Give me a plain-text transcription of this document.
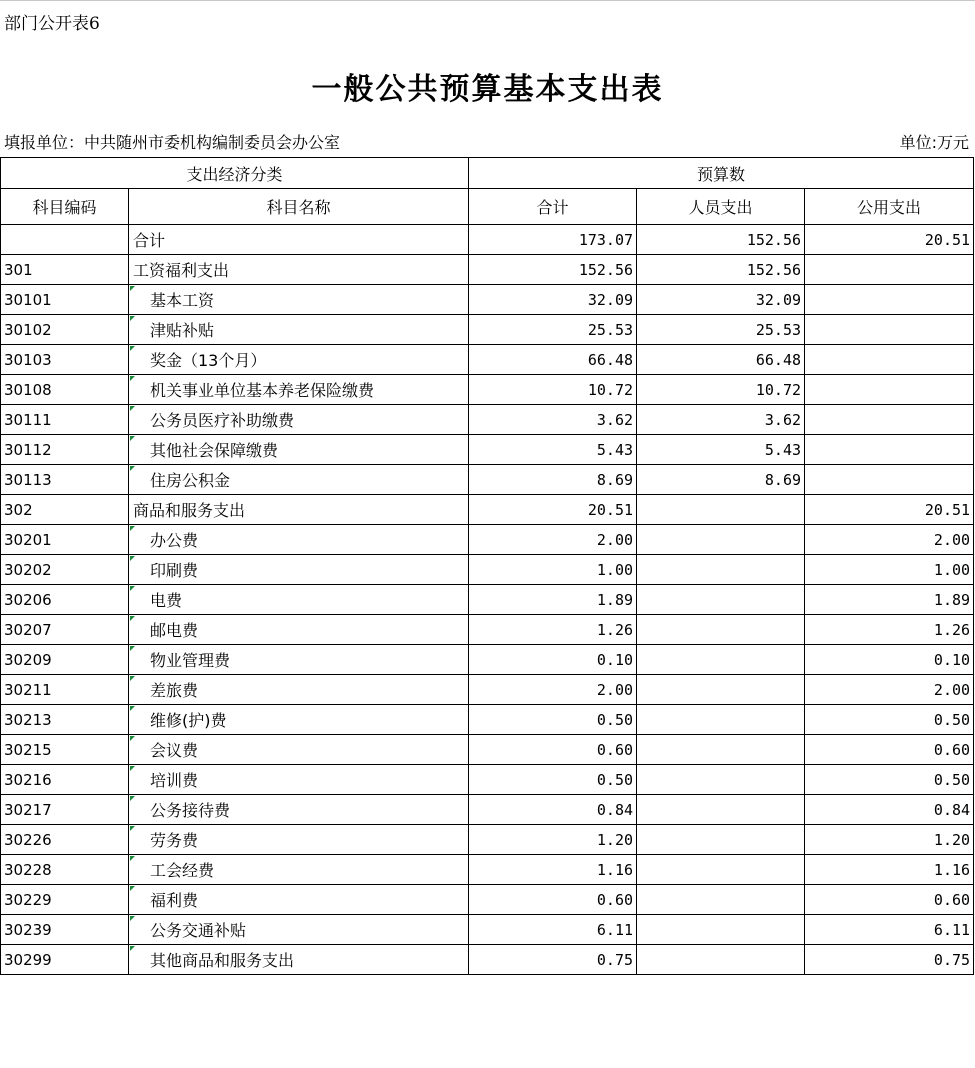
部门公开表6
一般公共预算基本支出表
填报单位：中共随州市委机构编制委员会办公室	单位:万元
支出经济分类		预算数		
科目编码	科目名称	合计	人员支出	公用支出
	合计	173.07	152.56	20.51
301	工资福利支出	152.56	152.56	
30101	基本工资	32.09	32.09	
30102	津贴补贴	25.53	25.53	
30103	奖金（13个月）	66.48	66.48	
30108	机关事业单位基本养老保险缴费	10.72	10.72	
30111	公务员医疗补助缴费	3.62	3.62	
30112	其他社会保障缴费	5.43	5.43	
30113	住房公积金	8.69	8.69	
302	商品和服务支出	20.51		20.51
30201	办公费	2.00		2.00
30202	印刷费	1.00		1.00
30206	电费	1.89		1.89
30207	邮电费	1.26		1.26
30209	物业管理费	0.10		0.10
30211	差旅费	2.00		2.00
30213	维修(护)费	0.50		0.50
30215	会议费	0.60		0.60
30216	培训费	0.50		0.50
30217	公务接待费	0.84		0.84
30226	劳务费	1.20		1.20
30228	工会经费	1.16		1.16
30229	福利费	0.60		0.60
30239	公务交通补贴	6.11		6.11
30299	其他商品和服务支出	0.75		0.75
